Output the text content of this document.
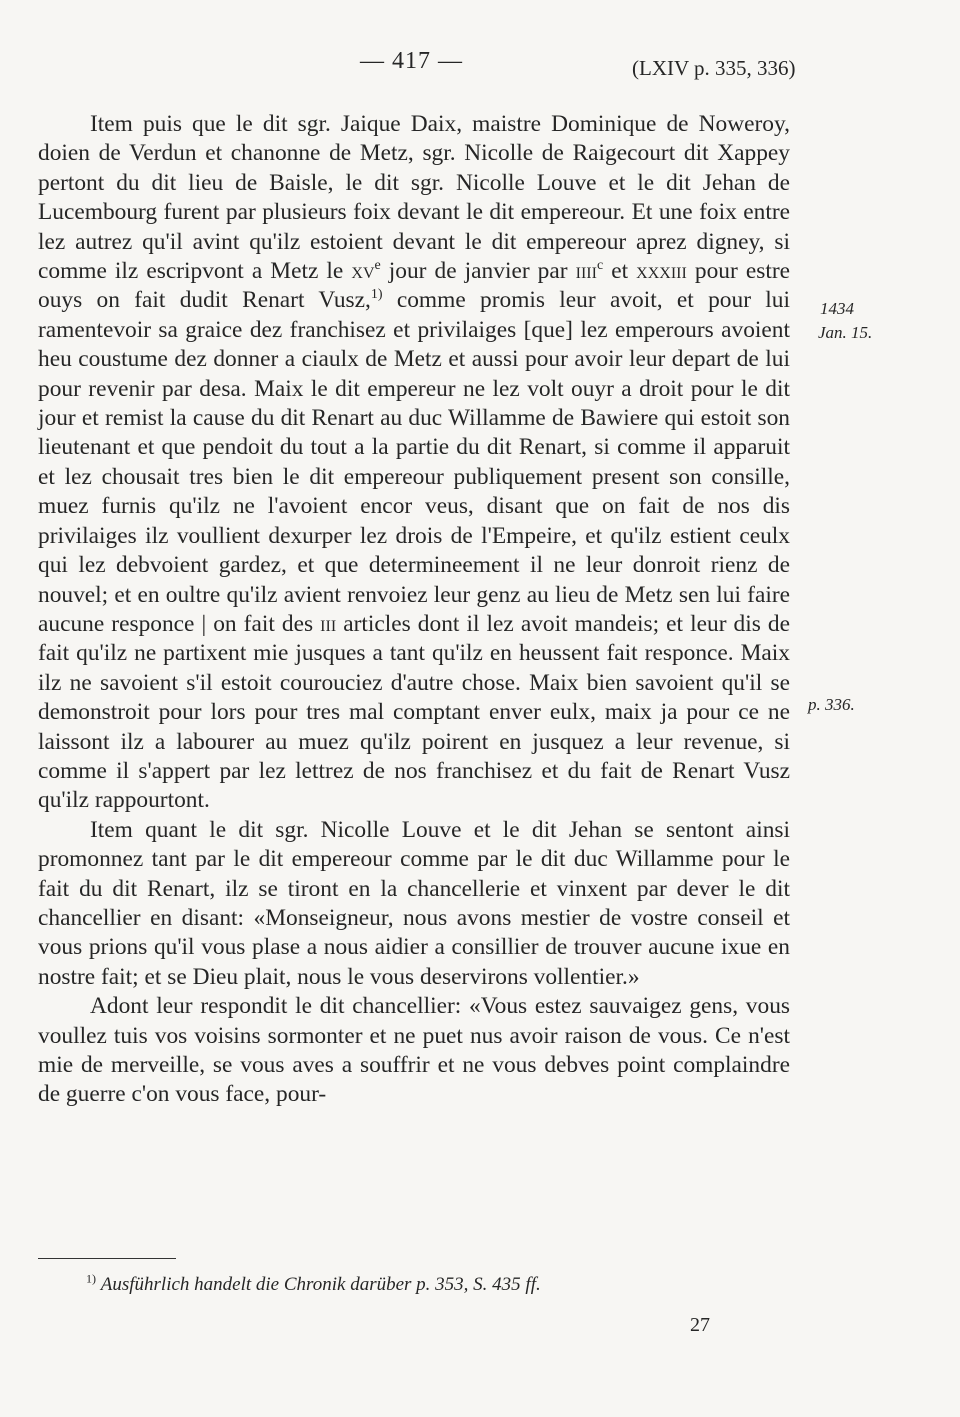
— 417 —	(LXIV p. 335, 336)

Item puis que le dit sgr. Jaique Daix, maistre Dominique de Noweroy, doien de Verdun et chanonne de Metz, sgr. Nicolle de Raigecourt dit Xappey pertont du dit lieu de Baisle, le dit sgr. Nicolle Louve et le dit Jehan de Lucembourg furent par plusieurs foix devant le dit empereour. Et une foix entre lez autrez qu'il avint qu'ilz estoient devant le dit empereour aprez digney, si comme ilz escripvont a Metz le $xv^e$ jour de janvier par iiii$^c$ et xxxiii pour estre ouys on fait dudit Renart Vusz,$^{1)}$ comme promis leur avoit, et pour lui ramentevoir sa graice dez franchisez et privilaiges [que] lez emperours avoient heu coustume dez donner a ciaulx de Metz et aussi pour avoir leur depart de lui pour revenir par desa. Maix le dit empereur ne lez volt ouyr a droit pour le dit jour et remist la cause du dit Renart au duc Willamme de Bawiere qui estoit son lieutenant et que pendoit du tout a la partie du dit Renart, si comme il apparuit et lez chousait tres bien le dit empereour publiquement present son consille, muez furnis qu'ilz ne l'avoient encor veus, disant que on fait de nos dis privilaiges ilz voullient dexurper lez drois de l'Empeire, et qu'ilz estient ceulx qui lez debvoient gardez, et que determineement il ne leur donroit rienz de nouvel; et en oultre qu'ilz avient renvoiez leur genz au lieu de Metz sen lui faire aucune responce | on fait des iii articles dont il lez avoit mandeis; et leur dis de fait qu'ilz ne partixent mie jusques a tant qu'ilz en heussent fait responce. Maix ilz ne savoient s'il estoit courouciez d'autre chose. Maix bien savoient qu'il se demonstroit pour lors pour tres mal comptant enver eulx, maix ja pour ce ne laissont ilz a labourer au muez qu'ilz poirent en jusquez a leur revenue, si comme il s'appert par lez lettrez de nos franchisez et du fait de Renart Vusz qu'ilz rappourtont.

Item quant le dit sgr. Nicolle Louve et le dit Jehan se sentont ainsi promonnez tant par le dit empereour comme par le dit duc Willamme pour le fait du dit Renart, ilz se tiront en la chancellerie et vinxent par dever le dit chancellier en disant: «Monseigneur, nous avons mestier de vostre conseil et vous prions qu'il vous plase a nous aidier a consillier de trouver aucune ixue en nostre fait; et se Dieu plait, nous le vous deservirons vollentier.»

Adont leur respondit le dit chancellier: «Vous estez sauvaigez gens, vous voullez tuis vos voisins sormonter et ne puet nus avoir raison de vous. Ce n'est mie de merveille, se vous aves a souffrir et ne vous debves point complaindre de guerre c'on vous face, pour-

1434
Jan. 15.
p. 336.
$^{1)}$ Ausführlich handelt die Chronik darüber p. 353, S. 435 ff.
27
